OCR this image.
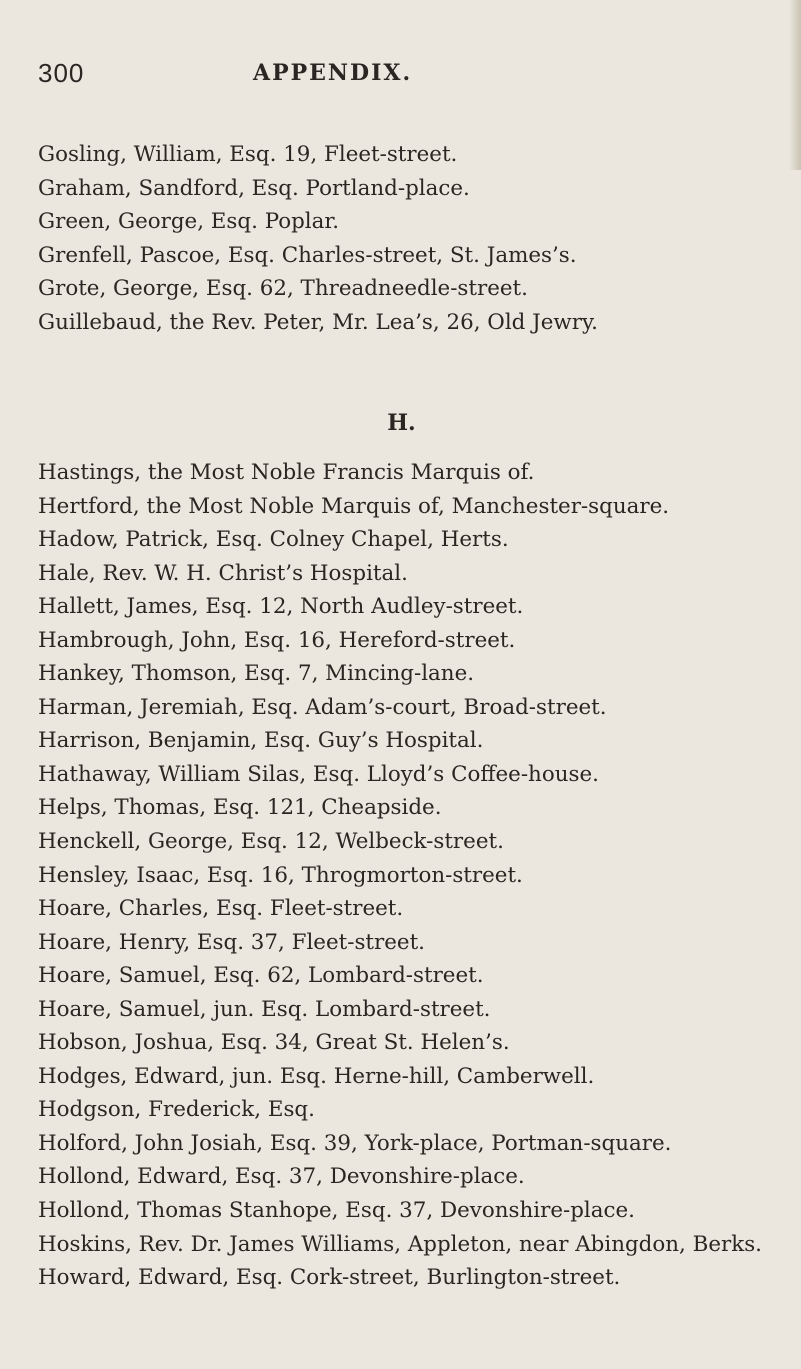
300	APPENDIX.
Gosling, William, Esq. 19, Fleet-street.
Graham, Sandford, Esq. Portland-place.
Green, George, Esq. Poplar.
Grenfell, Pascoe, Esq. Charles-street, St. James’s.
Grote, George, Esq. 62, Threadneedle-street.
Guillebaud, the Rev. Peter, Mr. Lea’s, 26, Old Jewry.
H.
Hastings, the Most Noble Francis Marquis of.
Hertford, the Most Noble Marquis of, Manchester-square.
Hadow, Patrick, Esq. Colney Chapel, Herts.
Hale, Rev. W. H. Christ’s Hospital.
Hallett, James, Esq. 12, North Audley-street.
Hambrough, John, Esq. 16, Hereford-street.
Hankey, Thomson, Esq. 7, Mincing-lane.
Harman, Jeremiah, Esq. Adam’s-court, Broad-street.
Harrison, Benjamin, Esq. Guy’s Hospital.
Hathaway, William Silas, Esq. Lloyd’s Coffee-house.
Helps, Thomas, Esq. 121, Cheapside.
Henckell, George, Esq. 12, Welbeck-street.
Hensley, Isaac, Esq. 16, Throgmorton-street.
Hoare, Charles, Esq. Fleet-street.
Hoare, Henry, Esq. 37, Fleet-street.
Hoare, Samuel, Esq. 62, Lombard-street.
Hoare, Samuel, jun. Esq. Lombard-street.
Hobson, Joshua, Esq. 34, Great St. Helen’s.
Hodges, Edward, jun. Esq. Herne-hill, Camberwell.
Hodgson, Frederick, Esq.
Holford, John Josiah, Esq. 39, York-place, Portman-square.
Hollond, Edward, Esq. 37, Devonshire-place.
Hollond, Thomas Stanhope, Esq. 37, Devonshire-place.
Hoskins, Rev. Dr. James Williams, Appleton, near Abingdon, Berks.
Howard, Edward, Esq. Cork-street, Burlington-street.
